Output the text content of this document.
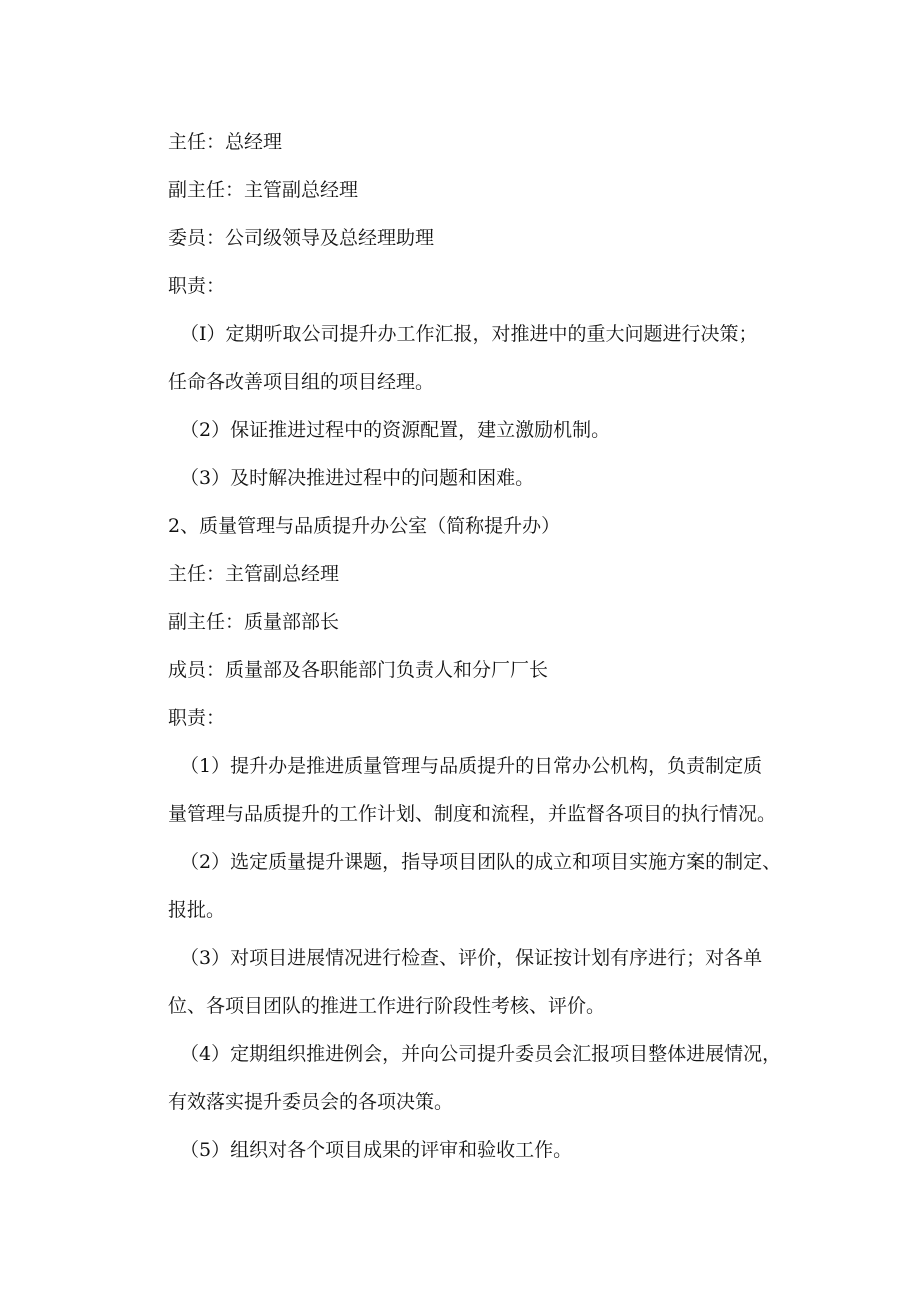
主任：总经理
副主任：主管副总经理
委员：公司级领导及总经理助理
职责：
（I）定期听取公司提升办工作汇报，对推进中的重大问题进行决策；
任命各改善项目组的项目经理。
（2）保证推进过程中的资源配置，建立激励机制。
（3）及时解决推进过程中的问题和困难。
2、质量管理与品质提升办公室（简称提升办）
主任：主管副总经理
副主任：质量部部长
成员：质量部及各职能部门负责人和分厂厂长
职责：
（1）提升办是推进质量管理与品质提升的日常办公机构，负责制定质
量管理与品质提升的工作计划、制度和流程，并监督各项目的执行情况。
（2）选定质量提升课题，指导项目团队的成立和项目实施方案的制定、
报批。
（3）对项目进展情况进行检查、评价，保证按计划有序进行；对各单
位、各项目团队的推进工作进行阶段性考核、评价。
（4）定期组织推进例会，并向公司提升委员会汇报项目整体进展情况，
有效落实提升委员会的各项决策。
（5）组织对各个项目成果的评审和验收工作。
